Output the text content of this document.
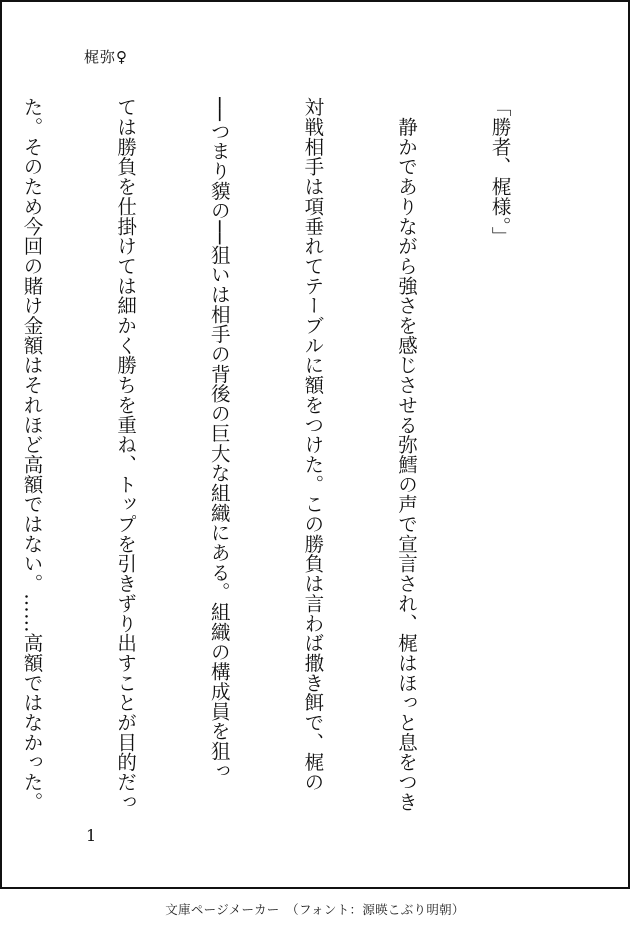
梶弥♀

「勝者、梶様。」

　静かでありながら強さを感じさせる弥鱈の声で宣言され、梶はほっと息をつき

対戦相手は項垂れてテーブルに額をつけた。この勝負は言わば撒き餌で、梶の

──つまり貘の──狙いは相手の背後の巨大な組織にある。組織の構成員を狙っ

ては勝負を仕掛けては細かく勝ちを重ね、トップを引きずり出すことが目的だっ

た。そのため今回の賭け金額はそれほど高額ではない。……高額ではなかった。

1
文庫ページメーカー　（フォント：源暎こぶり明朝）
